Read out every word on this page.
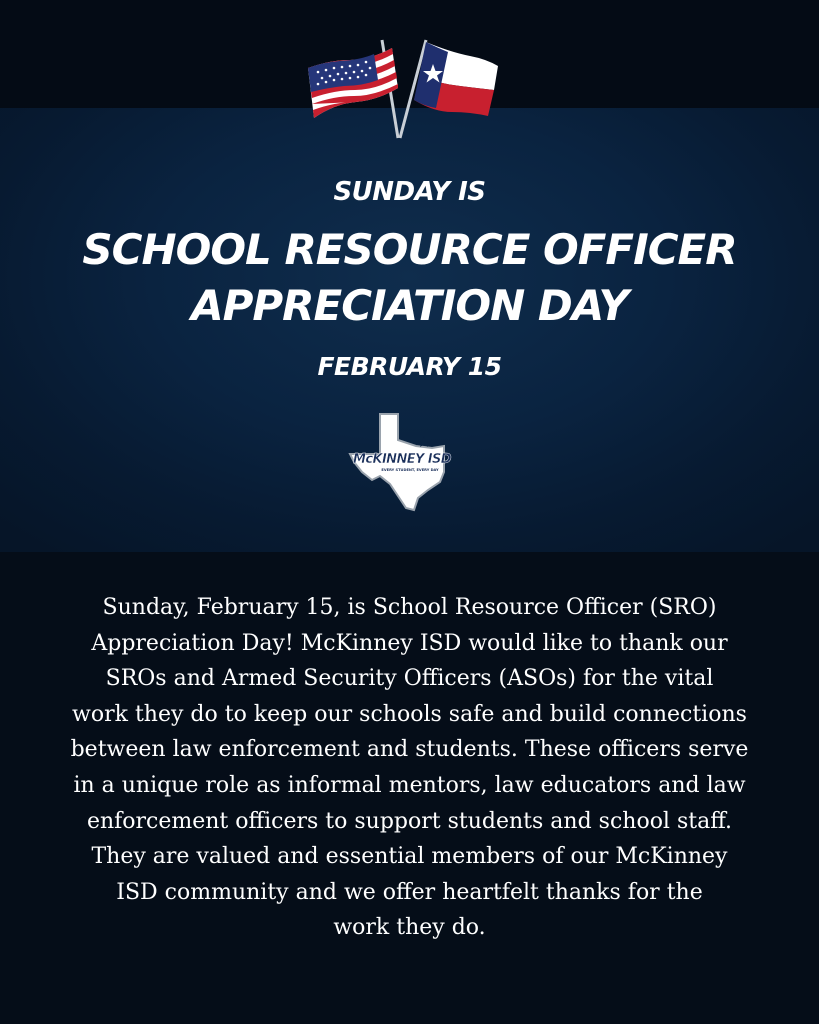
SUNDAY IS
SCHOOL RESOURCE OFFICER
APPRECIATION DAY
FEBRUARY 15
McKINNEY ISD
EVERY STUDENT, EVERY DAY

Sunday, February 15, is School Resource Officer (SRO)
Appreciation Day! McKinney ISD would like to thank our
SROs and Armed Security Officers (ASOs) for the vital
work they do to keep our schools safe and build connections
between law enforcement and students. These officers serve
in a unique role as informal mentors, law educators and law
enforcement officers to support students and school staff.
They are valued and essential members of our McKinney
ISD community and we offer heartfelt thanks for the
work they do.
